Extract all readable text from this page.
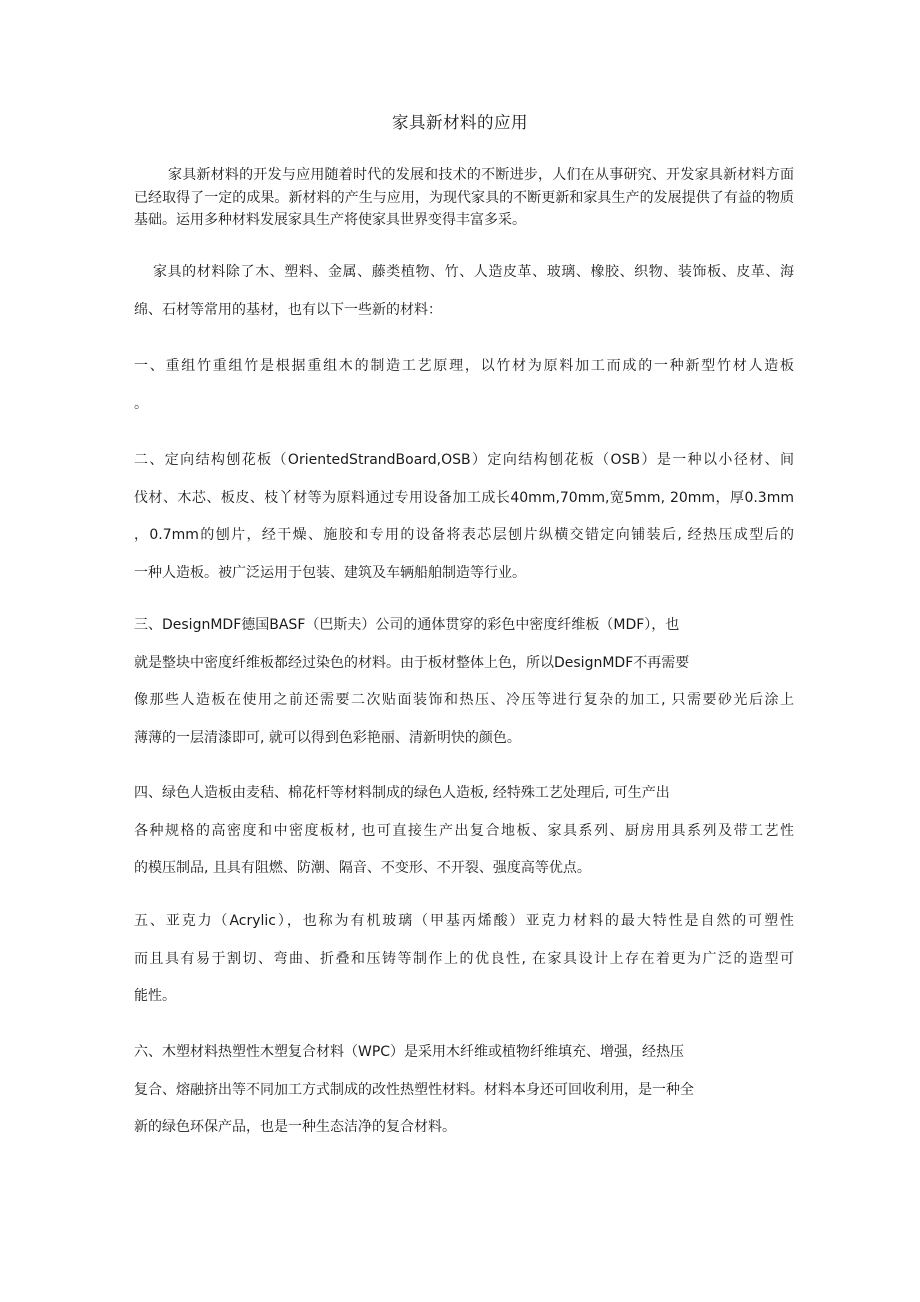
家具新材料的应用

家具新材料的开发与应用随着时代的发展和技术的不断进步，人们在从事研究、开发家具新材料方面已经取得了一定的成果。新材料的产生与应用，为现代家具的不断更新和家具生产的发展提供了有益的物质基础。运用多种材料发展家具生产将使家具世界变得丰富多采。

家具的材料除了木、塑料、金属、藤类植物、竹、人造皮革、玻璃、橡胶、织物、装饰板、皮革、海绵、石材等常用的基材，也有以下一些新的材料：

一、重组竹重组竹是根据重组木的制造工艺原理，以竹材为原料加工而成的一种新型竹材人造板
。
二、定向结构刨花板（OrientedStrandBoard,OSB）定向结构刨花板（OSB）是一种以小径材、间
伐材、木芯、板皮、枝丫材等为原料通过专用设备加工成长40mm,70mm,宽5mm, 20mm，厚0.3mm
，0.7mm的刨片，经干燥、施胶和专用的设备将表芯层刨片纵横交错定向铺装后, 经热压成型后的
一种人造板。被广泛运用于包装、建筑及车辆船舶制造等行业。
三、DesignMDF德国BASF（巴斯夫）公司的通体贯穿的彩色中密度纤维板（MDF），也
就是整块中密度纤维板都经过染色的材料。由于板材整体上色，所以DesignMDF不再需要
像那些人造板在使用之前还需要二次贴面装饰和热压、冷压等进行复杂的加工, 只需要砂光后涂上
薄薄的一层清漆即可, 就可以得到色彩艳丽、清新明快的颜色。
四、绿色人造板由麦秸、棉花杆等材料制成的绿色人造板, 经特殊工艺处理后, 可生产出
各种规格的高密度和中密度板材, 也可直接生产出复合地板、家具系列、厨房用具系列及带工艺性
的模压制品, 且具有阻燃、防潮、隔音、不变形、不开裂、强度高等优点。
五、亚克力（Acrylic），也称为有机玻璃（甲基丙烯酸）亚克力材料的最大特性是自然的可塑性
而且具有易于割切、弯曲、折叠和压铸等制作上的优良性, 在家具设计上存在着更为广泛的造型可
能性。
六、木塑材料热塑性木塑复合材料（WPC）是采用木纤维或植物纤维填充、增强，经热压
复合、熔融挤出等不同加工方式制成的改性热塑性材料。材料本身还可回收利用，是一种全
新的绿色环保产品，也是一种生态洁净的复合材料。
